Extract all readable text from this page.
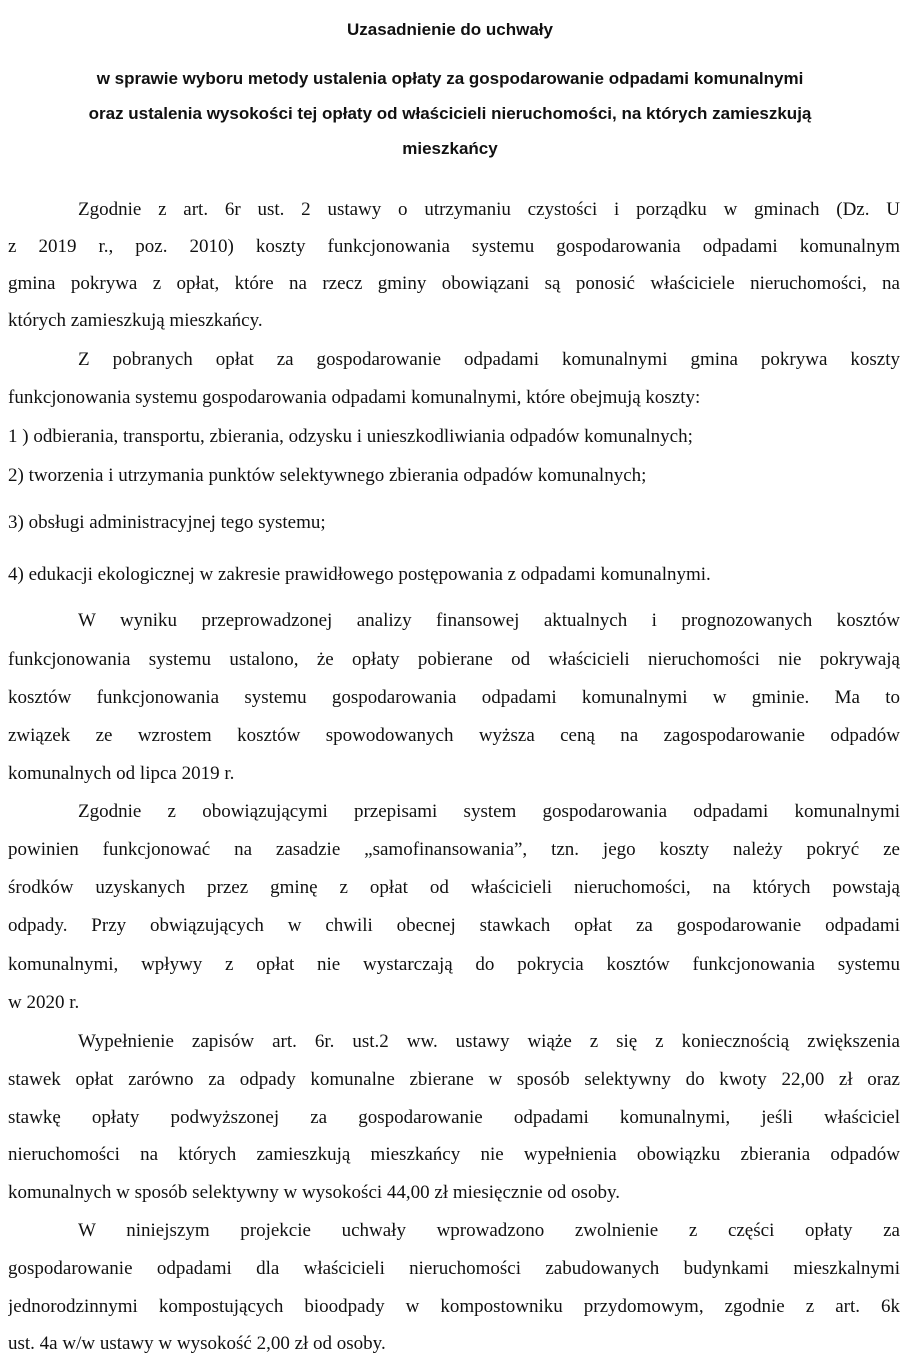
Uzasadnienie do uchwały

w sprawie wyboru metody ustalenia opłaty za gospodarowanie odpadami komunalnymi

oraz ustalenia wysokości tej opłaty od właścicieli nieruchomości, na których zamieszkują

mieszkańcy

Zgodnie z art. 6r ust. 2 ustawy o utrzymaniu czystości i porządku w gminach (Dz. U

z 2019 r., poz. 2010) koszty funkcjonowania systemu gospodarowania odpadami komunalnym

gmina pokrywa z opłat, które na rzecz gminy obowiązani są ponosić właściciele nieruchomości, na

których zamieszkują mieszkańcy.

Z pobranych opłat za gospodarowanie odpadami komunalnymi gmina pokrywa koszty

funkcjonowania systemu gospodarowania odpadami komunalnymi, które obejmują koszty:

1 ) odbierania, transportu, zbierania, odzysku i unieszkodliwiania odpadów komunalnych;

2) tworzenia i utrzymania punktów selektywnego zbierania odpadów komunalnych;

3) obsługi administracyjnej tego systemu;

4) edukacji ekologicznej w zakresie prawidłowego postępowania z odpadami komunalnymi.

W wyniku przeprowadzonej analizy finansowej aktualnych i prognozowanych kosztów

funkcjonowania systemu ustalono, że opłaty pobierane od właścicieli nieruchomości nie pokrywają

kosztów funkcjonowania systemu gospodarowania odpadami komunalnymi w gminie. Ma to

związek ze wzrostem kosztów spowodowanych wyższa ceną na zagospodarowanie odpadów

komunalnych od lipca 2019 r.

Zgodnie z obowiązującymi przepisami system gospodarowania odpadami komunalnymi

powinien funkcjonować na zasadzie „samofinansowania”, tzn. jego koszty należy pokryć ze

środków uzyskanych przez gminę z opłat od właścicieli nieruchomości, na których powstają

odpady. Przy obwiązujących w chwili obecnej stawkach opłat za gospodarowanie odpadami

komunalnymi, wpływy z opłat nie wystarczają do pokrycia kosztów funkcjonowania systemu

w 2020 r.

Wypełnienie zapisów art. 6r. ust.2 ww. ustawy wiąże z się z koniecznością zwiększenia

stawek opłat zarówno za odpady komunalne zbierane w sposób selektywny do kwoty 22,00 zł oraz

stawkę opłaty podwyższonej za gospodarowanie odpadami komunalnymi, jeśli właściciel

nieruchomości na których zamieszkują mieszkańcy nie wypełnienia obowiązku zbierania odpadów

komunalnych w sposób selektywny w wysokości 44,00 zł miesięcznie od osoby.

W niniejszym projekcie uchwały wprowadzono zwolnienie z części opłaty za

gospodarowanie odpadami dla właścicieli nieruchomości zabudowanych budynkami mieszkalnymi

jednorodzinnymi kompostujących bioodpady w kompostowniku przydomowym, zgodnie z art. 6k

ust. 4a w/w ustawy w wysokość 2,00 zł od osoby.
